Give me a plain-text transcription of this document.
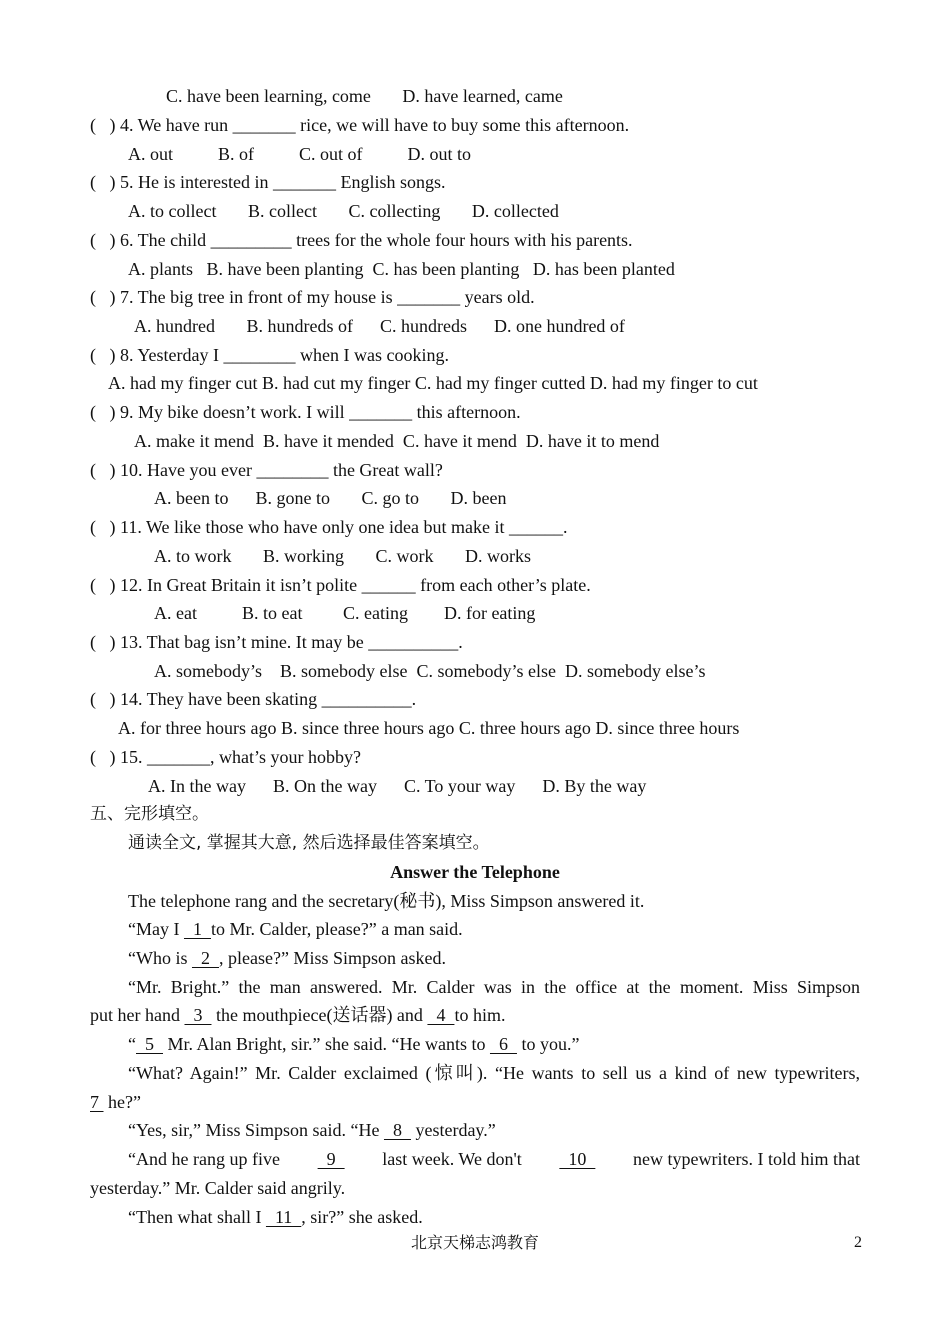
C. have been learning, come       D. have learned, came
(   ) 4. We have run _______ rice, we will have to buy some this afternoon.
A. out          B. of          C. out of          D. out to
(   ) 5. He is interested in _______ English songs.
A. to collect       B. collect       C. collecting       D. collected
(   ) 6. The child _________ trees for the whole four hours with his parents.
A. plants   B. have been planting  C. has been planting   D. has been planted
(   ) 7. The big tree in front of my house is _______ years old.
A. hundred       B. hundreds of      C. hundreds      D. one hundred of
(   ) 8. Yesterday I ________ when I was cooking.
A. had my finger cut B. had cut my finger C. had my finger cutted D. had my finger to cut
(   ) 9. My bike doesn’t work. I will _______ this afternoon.
A. make it mend  B. have it mended  C. have it mend  D. have it to mend
(   ) 10. Have you ever ________ the Great wall?
A. been to      B. gone to       C. go to       D. been
(   ) 11. We like those who have only one idea but make it ______.
A. to work       B. working       C. work       D. works
(   ) 12. In Great Britain it isn’t polite ______ from each other’s plate.
A. eat          B. to eat         C. eating        D. for eating
(   ) 13. That bag isn’t mine. It may be __________.
A. somebody’s    B. somebody else  C. somebody’s else  D. somebody else’s
(   ) 14. They have been skating __________.
A. for three hours ago B. since three hours ago C. three hours ago D. since three hours
(   ) 15. _______, what’s your hobby?
A. In the way      B. On the way      C. To your way      D. By the way
五、完形填空。
通读全文, 掌握其大意, 然后选择最佳答案填空。
Answer the Telephone
The telephone rang and the secretary(秘书), Miss Simpson answered it.
“May I   1  to Mr. Calder, please?” a man said.
“Who is   2  , please?” Miss Simpson asked.
“Mr. Bright.” the man answered. Mr. Calder was in the office at the moment. Miss Simpson
put her hand   3   the mouthpiece(送话器) and   4  to him.
“  5   Mr. Alan Bright, sir.” she said. “He wants to   6   to you.”
“What? Again!” Mr. Calder exclaimed (惊叫). “He wants to sell us a kind of new typewriters,
7  he?”
“Yes, sir,” Miss Simpson said. “He   8   yesterday.”
“And he rang up five 9 last week. We don't 10 new typewriters. I told him that
yesterday.” Mr. Calder said angrily.
“Then what shall I   11  , sir?” she asked.
北京天梯志鸿教育	2
